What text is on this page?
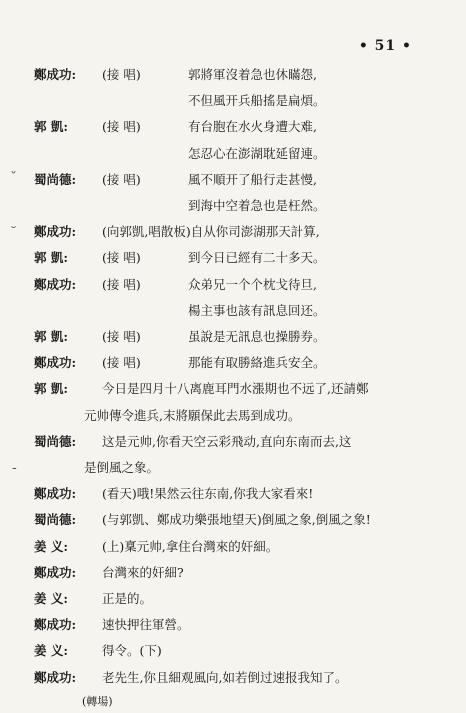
• 51 •
ˇ
˘
-
鄭成功:	(接 唱)	郭將軍沒着急也休瞞怨,
不但風开兵船搖是扁煩。
郭 凱:	(接 唱)	有台胞在水火身遭大难,
怎忍心在澎湖耽延留連。
蜀尚德:	(接 唱)	風不順开了船行走甚慢,
到海中空着急也是枉然。
鄭成功:	(向郭凱,唱散板) 自从你司澎湖那天計算,
郭 凱:	(接 唱)	到今日已經有二十多天。
鄭成功:	(接 唱)	众弟兄一个个枕戈待旦,
楊主事也該有訊息回还。
郭 凱:	(接 唱)	虽說是无訊息也操勝券。
鄭成功:	(接 唱)	那能有取勝絡進兵安全。
郭 凱:	今日是四月十八离鹿耳門水漲期也不远了,还請鄭
元帅傳令進兵,末將願保此去馬到成功。
蜀尚德:	这是元帅,你看天空云彩飛动,直向东南而去,这
是倒風之象。
鄭成功:	(看天)哦!果然云往东南,你我大家看來!
蜀尚德:	(与郭凱、鄭成功樂張地望天)倒風之象,倒風之象!
姜 义:	(上)稟元帅,拿住台灣來的奸細。
鄭成功:	台灣來的奸細?
姜 义:	正是的。
鄭成功:	速快押往軍營。
姜 义:	得令。(下)
鄭成功:	老先生,你且細观風向,如若倒过速报我知了。
(轉場)
